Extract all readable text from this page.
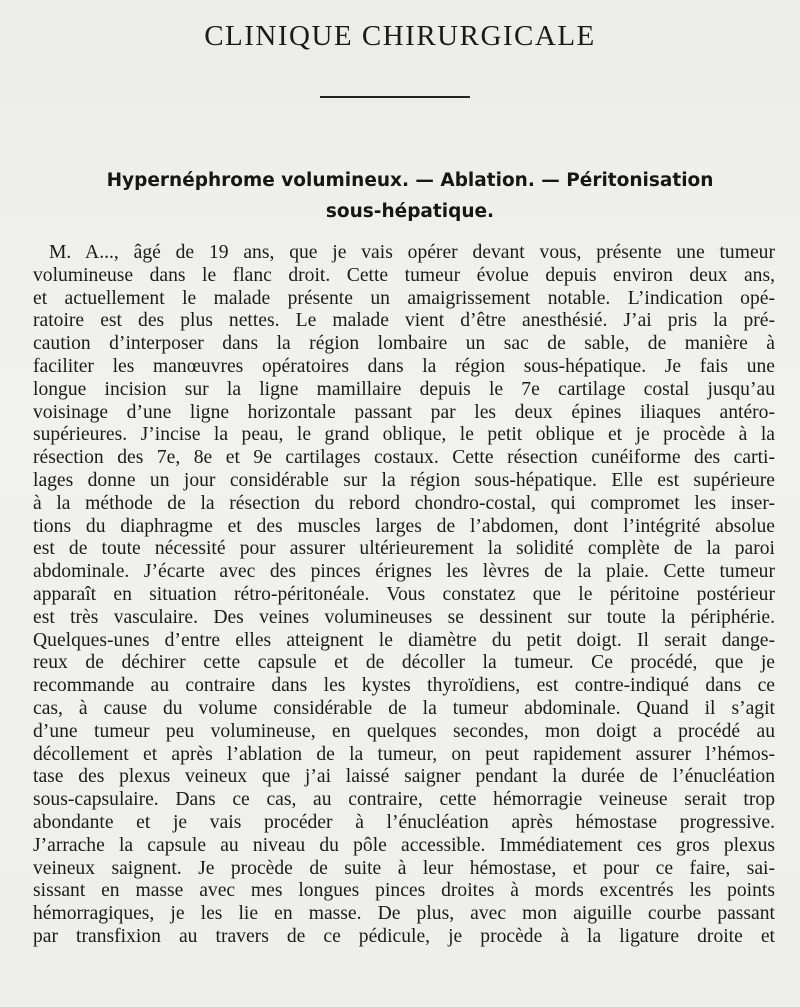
CLINIQUE CHIRURGICALE
Hypernéphrome volumineux. — Ablation. — Péritonisation
sous-hépatique.
M. A..., âgé de 19 ans, que je vais opérer devant vous, présente une tumeur
volumineuse dans le flanc droit. Cette tumeur évolue depuis environ deux ans,
et actuellement le malade présente un amaigrissement notable. L’indication opé-
ratoire est des plus nettes. Le malade vient d’être anesthésié. J’ai pris la pré-
caution d’interposer dans la région lombaire un sac de sable, de manière à
faciliter les manœuvres opératoires dans la région sous-hépatique. Je fais une
longue incision sur la ligne mamillaire depuis le 7e cartilage costal jusqu’au
voisinage d’une ligne horizontale passant par les deux épines iliaques antéro-
supérieures. J’incise la peau, le grand oblique, le petit oblique et je procède à la
résection des 7e, 8e et 9e cartilages costaux. Cette résection cunéiforme des carti-
lages donne un jour considérable sur la région sous-hépatique. Elle est supérieure
à la méthode de la résection du rebord chondro-costal, qui compromet les inser-
tions du diaphragme et des muscles larges de l’abdomen, dont l’intégrité absolue
est de toute nécessité pour assurer ultérieurement la solidité complète de la paroi
abdominale. J’écarte avec des pinces érignes les lèvres de la plaie. Cette tumeur
apparaît en situation rétro-péritonéale. Vous constatez que le péritoine postérieur
est très vasculaire. Des veines volumineuses se dessinent sur toute la périphérie.
Quelques-unes d’entre elles atteignent le diamètre du petit doigt. Il serait dange-
reux de déchirer cette capsule et de décoller la tumeur. Ce procédé, que je
recommande au contraire dans les kystes thyroïdiens, est contre-indiqué dans ce
cas, à cause du volume considérable de la tumeur abdominale. Quand il s’agit
d’une tumeur peu volumineuse, en quelques secondes, mon doigt a procédé au
décollement et après l’ablation de la tumeur, on peut rapidement assurer l’hémos-
tase des plexus veineux que j’ai laissé saigner pendant la durée de l’énucléation
sous-capsulaire. Dans ce cas, au contraire, cette hémorragie veineuse serait trop
abondante et je vais procéder à l’énucléation après hémostase progressive.
J’arrache la capsule au niveau du pôle accessible. Immédiatement ces gros plexus
veineux saignent. Je procède de suite à leur hémostase, et pour ce faire, sai-
sissant en masse avec mes longues pinces droites à mords excentrés les points
hémorragiques, je les lie en masse. De plus, avec mon aiguille courbe passant
par transfixion au travers de ce pédicule, je procède à la ligature droite et
